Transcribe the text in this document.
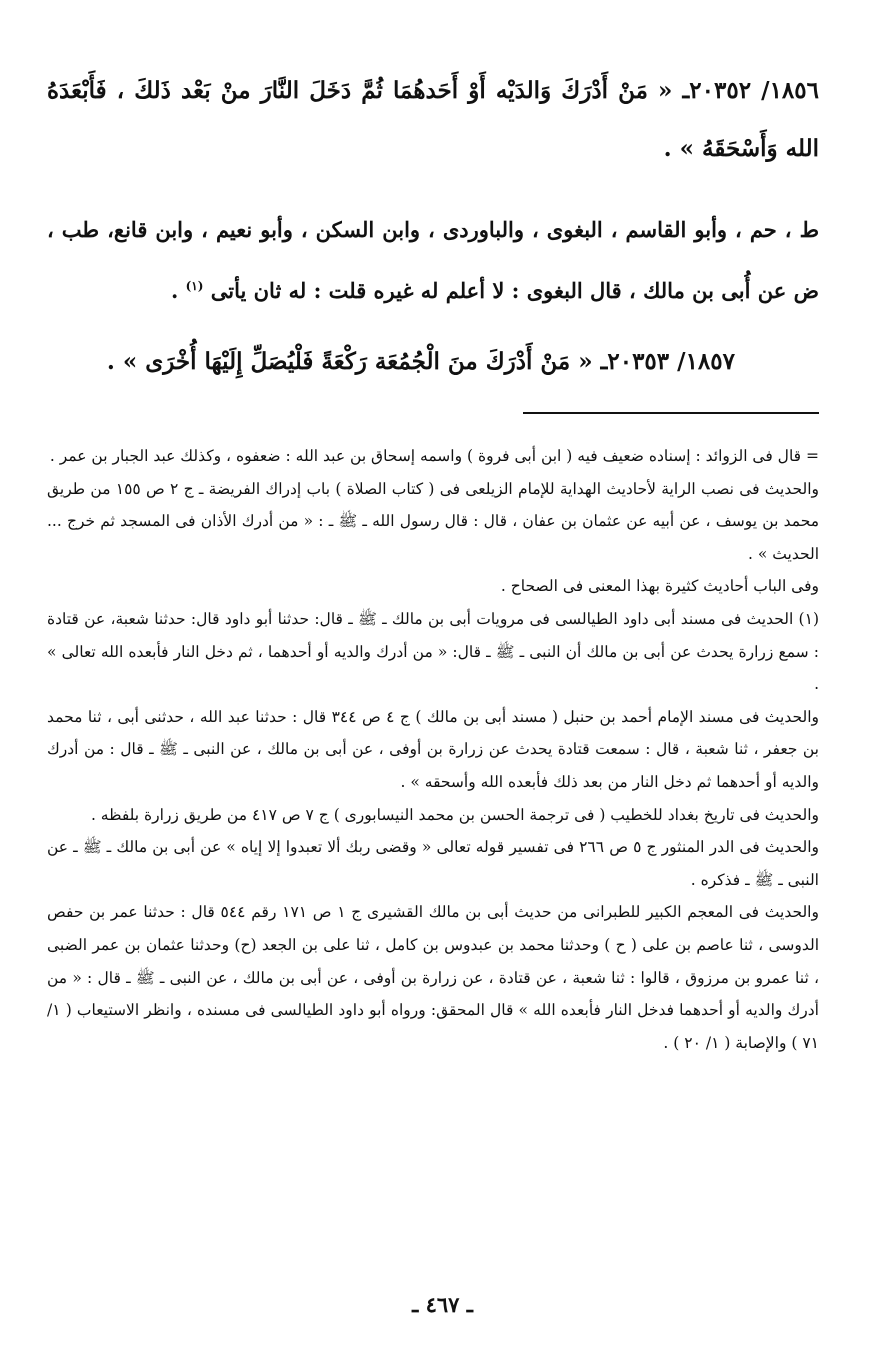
١٨٥٦/ ٢٠٣٥٢ـ « مَنْ أَدْرَكَ وَالدَيْه أَوْ أَحَدهُمَا ثُمَّ دَخَلَ النَّارَ منْ بَعْد ذَلكَ ، فَأَبْعَدَهُ الله وَأَسْحَقَهُ » .

ط ، حم ، وأبو القاسم ، البغوى ، والباوردى ، وابن السكن ، وأبو نعيم ، وابن قانع، طب ، ض عن أُبى بن مالك ، قال البغوى : لا أعلم له غيره قلت : له ثان يأتى $^{(١)}$ .

١٨٥٧/ ٢٠٣٥٣ـ « مَنْ أَدْرَكَ منَ الْجُمُعَة رَكْعَةً فَلْيُصَلِّ إِلَيْهَا أُخْرَى » .

= قال فى الزوائد : إسناده ضعيف فيه ( ابن أبى فروة ) واسمه إسحاق بن عبد الله : ضعفوه ، وكذلك عبد الجبار بن عمر .

والحديث فى نصب الراية لأحاديث الهداية للإمام الزيلعى فى ( كتاب الصلاة ) باب إدراك الفريضة ـ ج ٢ ص ١٥٥ من طريق محمد بن يوسف ، عن أبيه عن عثمان بن عفان ، قال : قال رسول الله ـ ﷺ ـ : « من أدرك الأذان فى المسجد ثم خرج ... الحديث » .

وفى الباب أحاديث كثيرة بهذا المعنى فى الصحاح .

(١) الحديث فى مسند أبى داود الطيالسى فى مرويات أبى بن مالك ـ ﷺ ـ قال: حدثنا أبو داود قال: حدثنا شعبة، عن قتادة : سمع زرارة يحدث عن أبى بن مالك أن النبى ـ ﷺ ـ قال: « من أدرك والديه أو أحدهما ، ثم دخل النار فأبعده الله تعالى » .

والحديث فى مسند الإمام أحمد بن حنبل ( مسند أبى بن مالك ) ج ٤ ص ٣٤٤ قال : حدثنا عبد الله ، حدثنى أبى ، ثنا محمد بن جعفر ، ثنا شعبة ، قال : سمعت قتادة يحدث عن زرارة بن أوفى ، عن أبى بن مالك ، عن النبى ـ ﷺ ـ قال : من أدرك والديه أو أحدهما ثم دخل النار من بعد ذلك فأبعده الله وأسحقه » .

والحديث فى تاريخ بغداد للخطيب ( فى ترجمة الحسن بن محمد النيسابورى ) ج ٧ ص ٤١٧ من طريق زرارة بلفظه .

والحديث فى الدر المنثور ج ٥ ص ٢٦٦ فى تفسير قوله تعالى « وقضى ربك ألا تعبدوا إلا إياه » عن أبى بن مالك ـ ﷺ ـ عن النبى ـ ﷺ ـ فذكره .

والحديث فى المعجم الكبير للطبرانى من حديث أبى بن مالك القشيرى ج ١ ص ١٧١ رقم ٥٤٤ قال : حدثنا عمر بن حفص الدوسى ، ثنا عاصم بن على ( ح ) وحدثنا محمد بن عبدوس بن كامل ، ثنا على بن الجعد (ح) وحدثنا عثمان بن عمر الضبى ، ثنا عمرو بن مرزوق ، قالوا : ثنا شعبة ، عن قتادة ، عن زرارة بن أوفى ، عن أبى بن مالك ، عن النبى ـ ﷺ ـ قال : « من أدرك والديه أو أحدهما فدخل النار فأبعده الله » قال المحقق: ورواه أبو داود الطيالسى فى مسنده ، وانظر الاستيعاب ( ١/ ٧١ ) والإصابة ( ١/ ٢٠ ) .

ـ ٤٦٧ ـ
